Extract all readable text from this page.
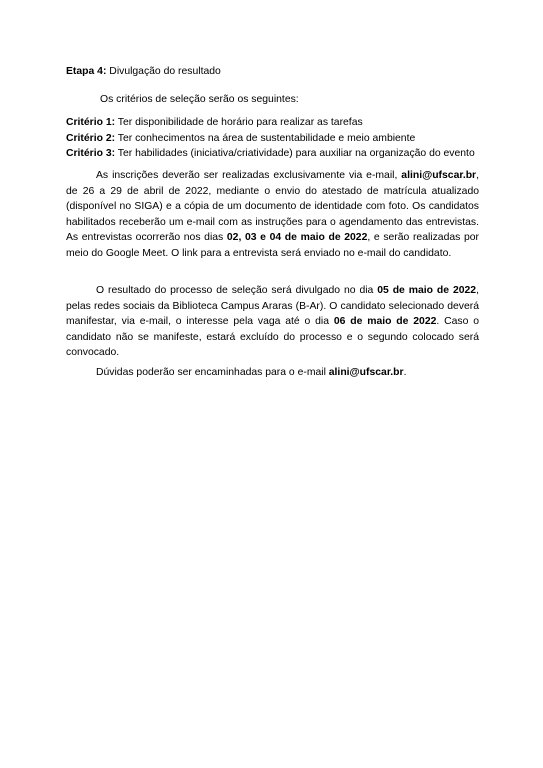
Etapa 4: Divulgação do resultado
Os critérios de seleção serão os seguintes:
Critério 1: Ter disponibilidade de horário para realizar as tarefas
Critério 2: Ter conhecimentos na área de sustentabilidade e meio ambiente
Critério 3: Ter habilidades (iniciativa/criatividade) para auxiliar na organização do evento
As inscrições deverão ser realizadas exclusivamente via e-mail, alini@ufscar.br, de 26 a 29 de abril de 2022, mediante o envio do atestado de matrícula atualizado (disponível no SIGA) e a cópia de um documento de identidade com foto. Os candidatos habilitados receberão um e-mail com as instruções para o agendamento das entrevistas. As entrevistas ocorrerão nos dias 02, 03 e 04 de maio de 2022, e serão realizadas por meio do Google Meet. O link para a entrevista será enviado no e-mail do candidato.
O resultado do processo de seleção será divulgado no dia 05 de maio de 2022, pelas redes sociais da Biblioteca Campus Araras (B-Ar). O candidato selecionado deverá manifestar, via e-mail, o interesse pela vaga até o dia 06 de maio de 2022. Caso o candidato não se manifeste, estará excluído do processo e o segundo colocado será convocado.
Dúvidas poderão ser encaminhadas para o e-mail alini@ufscar.br.
